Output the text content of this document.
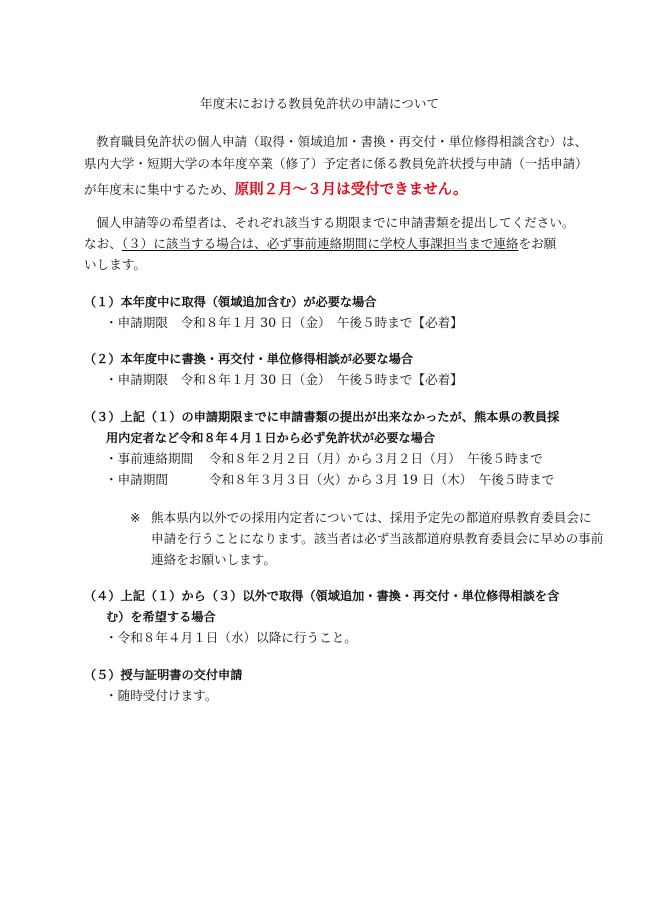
年度末における教員免許状の申請について
教育職員免許状の個人申請（取得・領域追加・書換・再交付・単位修得相談含む）は、
県内大学・短期大学の本年度卒業（修了）予定者に係る教員免許状授与申請（一括申請）
が年度末に集中するため、原則２月～３月は受付できません。
個人申請等の希望者は、それぞれ該当する期限までに申請書類を提出してください。
なお、（３）に該当する場合は、必ず事前連絡期間に学校人事課担当まで連絡をお願
いします。
（１）本年度中に取得（領域追加含む）が必要な場合
・申請期限　令和８年１月 30 日（金）　午後５時まで【必着】
（２）本年度中に書換・再交付・単位修得相談が必要な場合
・申請期限　令和８年１月 30 日（金）　午後５時まで【必着】
（３）上記（１）の申請期限までに申請書類の提出が出来なかったが、熊本県の教員採
用内定者など令和８年４月１日から必ず免許状が必要な場合
・事前連絡期間 令和８年２月２日（月）から３月２日（月）　午後５時まで
・申請期間	令和８年３月３日（火）から３月 19 日（木）　午後５時まで
※ 熊本県内以外での採用内定者については、採用予定先の都道府県教育委員会に
申請を行うことになります。該当者は必ず当該都道府県教育委員会に早めの事前
連絡をお願いします。
（４）上記（１）から（３）以外で取得（領域追加・書換・再交付・単位修得相談を含
む）を希望する場合
・令和８年４月１日（水）以降に行うこと。
（５）授与証明書の交付申請
・随時受付けます。
